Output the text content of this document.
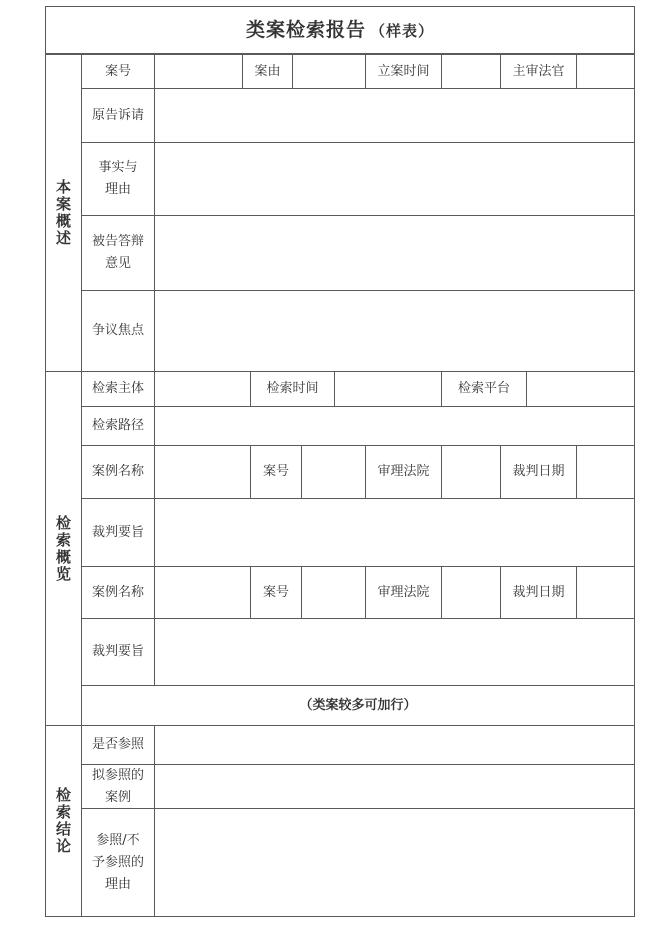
类案检索报告 （样表）
本
案
概
述
案号	案由	立案时间	主审法官
原告诉请
事实与
理由
被告答辩
意见
争议焦点
检
索
概
览
检索主体	检索时间	检索平台
检索路径
案例名称	案号	审理法院	裁判日期
裁判要旨
案例名称	案号	审理法院	裁判日期
裁判要旨
（类案较多可加行）
检
索
结
论
是否参照
拟参照的
案例
参照/不
予参照的
理由
